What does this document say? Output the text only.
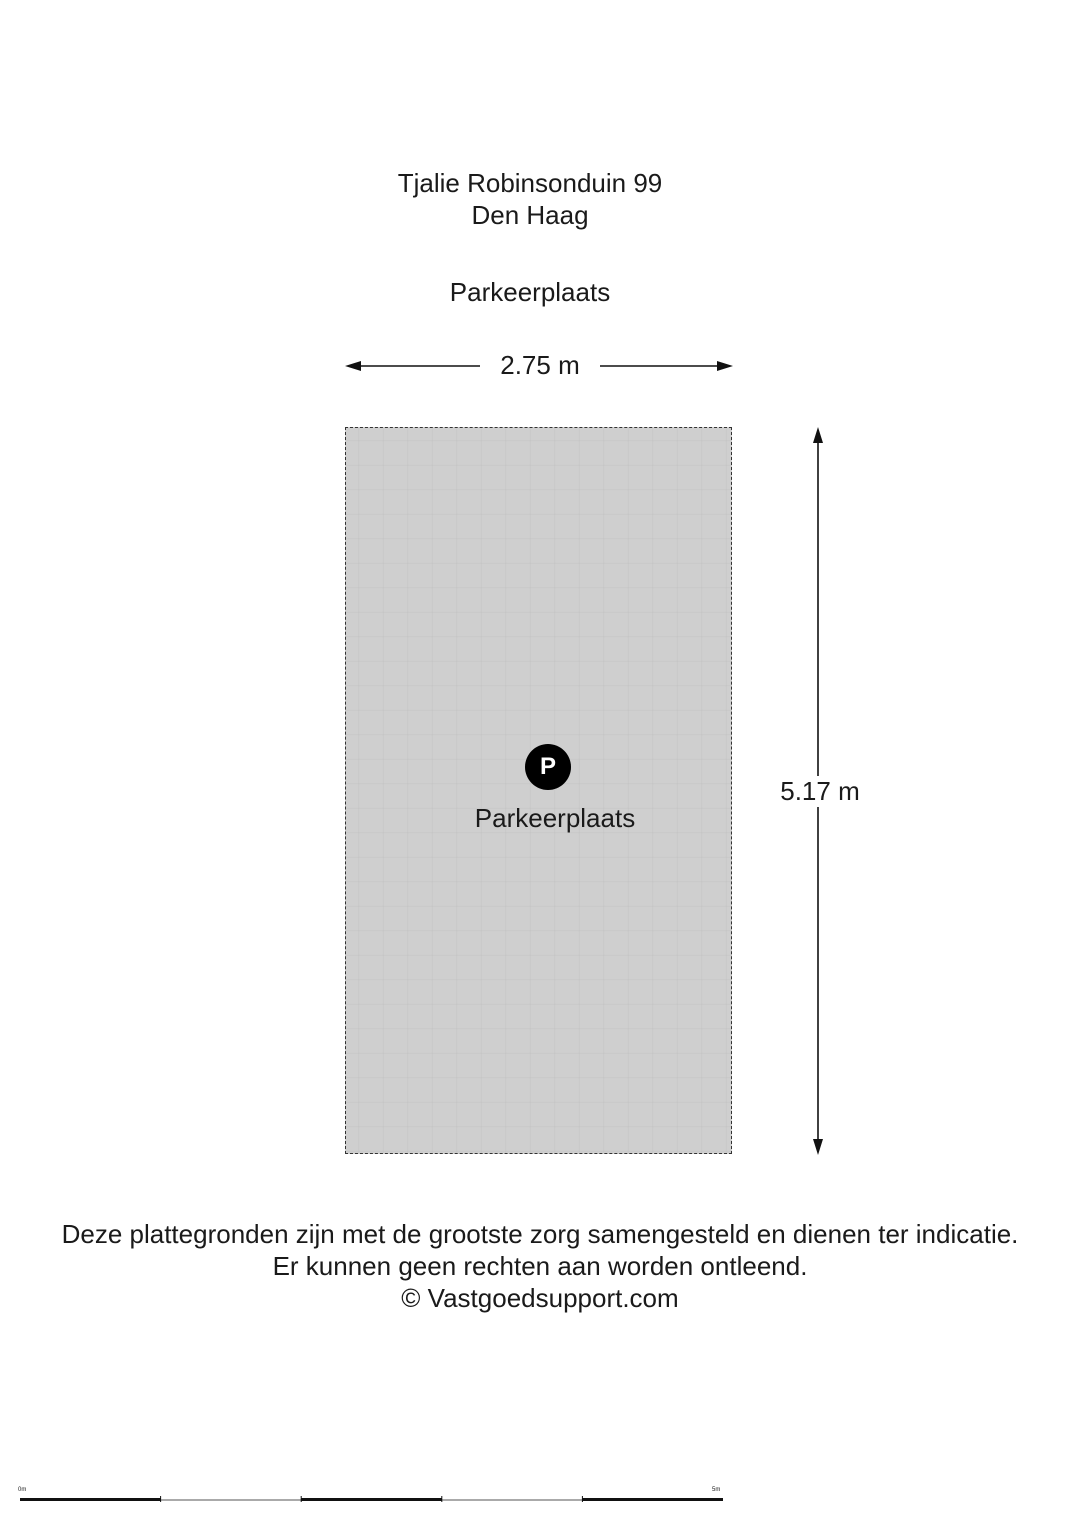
Tjalie Robinsonduin 99
Den Haag
Parkeerplaats
2.75 m
5.17 m
P
Parkeerplaats
Deze plattegronden zijn met de grootste zorg samengesteld en dienen ter indicatie.
Er kunnen geen rechten aan worden ontleend.
© Vastgoedsupport.com
0m	5m
